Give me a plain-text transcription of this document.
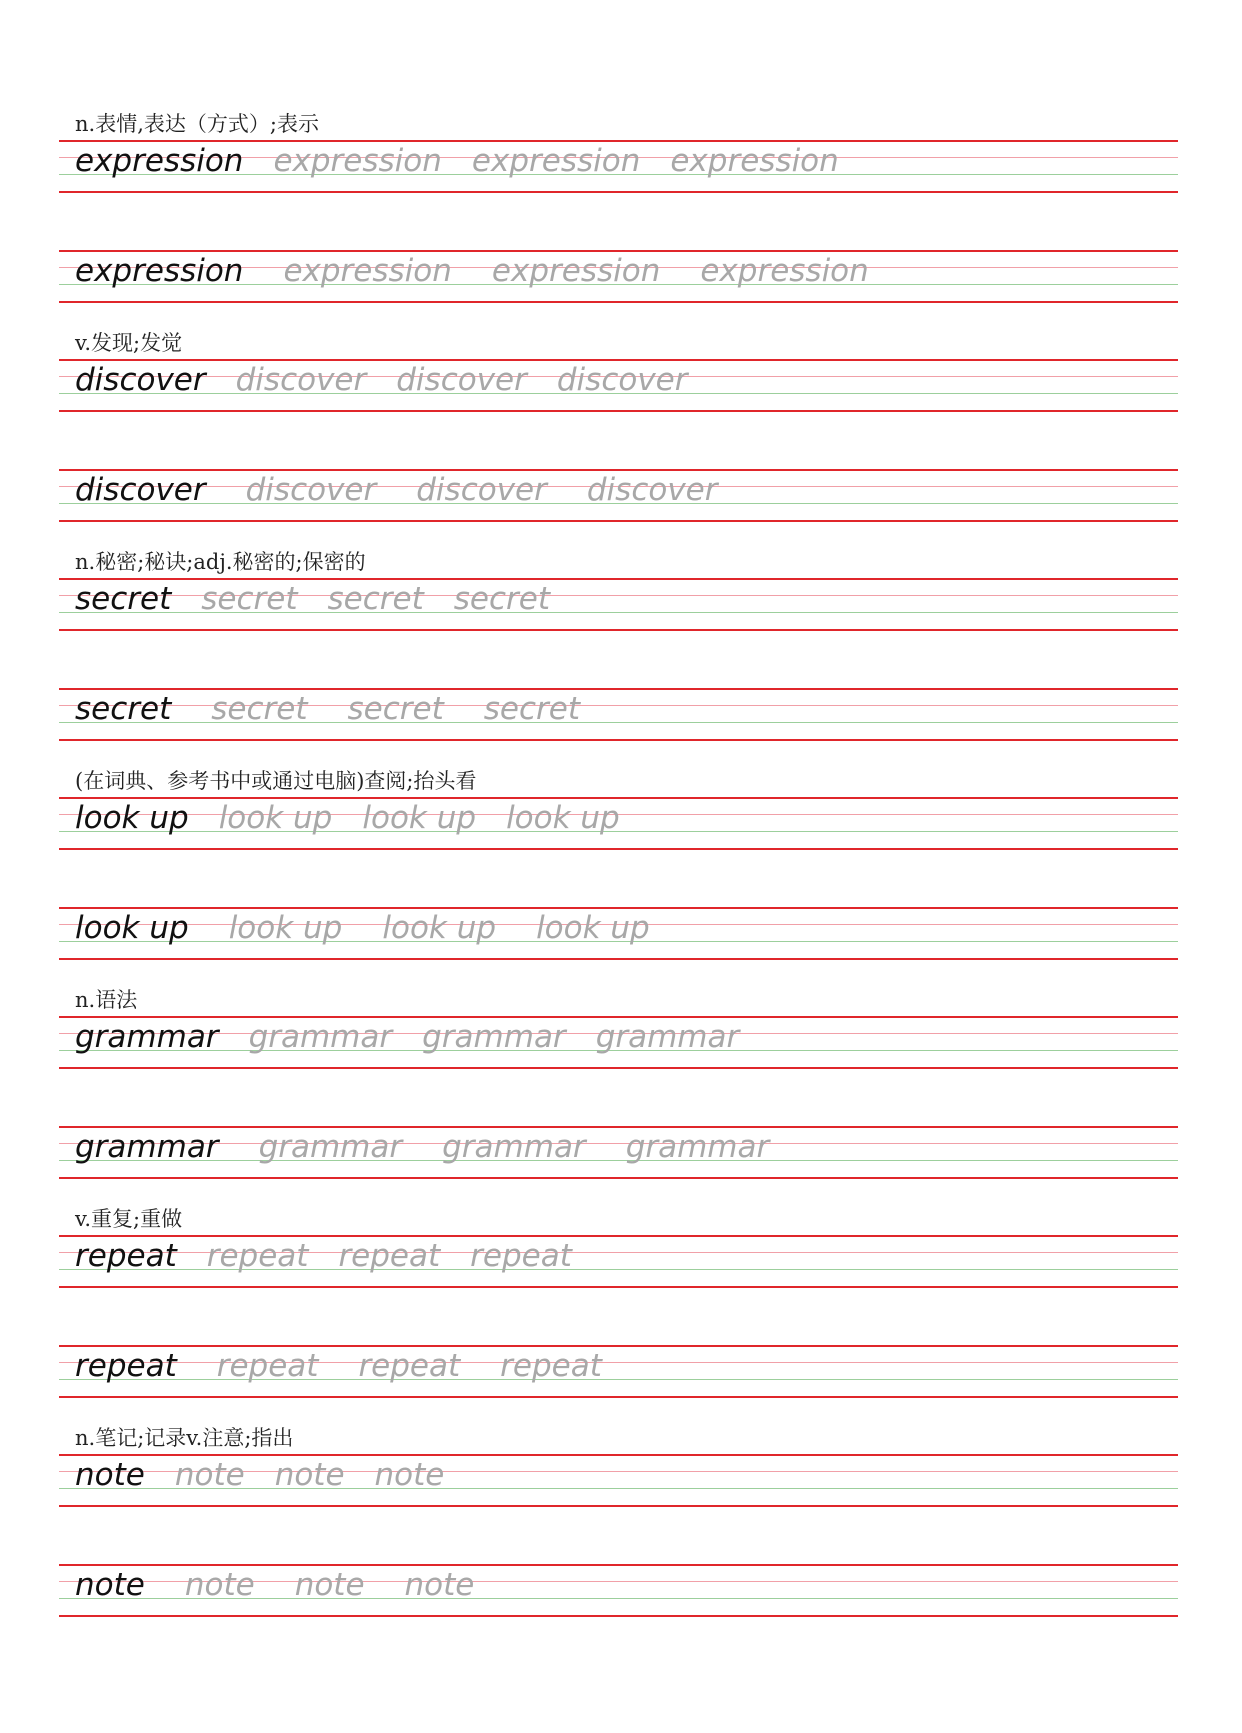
n.表情,表达（方式）;表示
expression expression expression expression
expression expression expression expression
v.发现;发觉
discover discover discover discover
discover discover discover discover
n.秘密;秘诀;adj.秘密的;保密的
secret secret secret secret
secret secret secret secret
(在词典、参考书中或通过电脑)查阅;抬头看
look up look up look up look up
look up look up look up look up
n.语法
grammar grammar grammar grammar
grammar grammar grammar grammar
v.重复;重做
repeat repeat repeat repeat
repeat repeat repeat repeat
n.笔记;记录v.注意;指出
note note note note
note note note note
